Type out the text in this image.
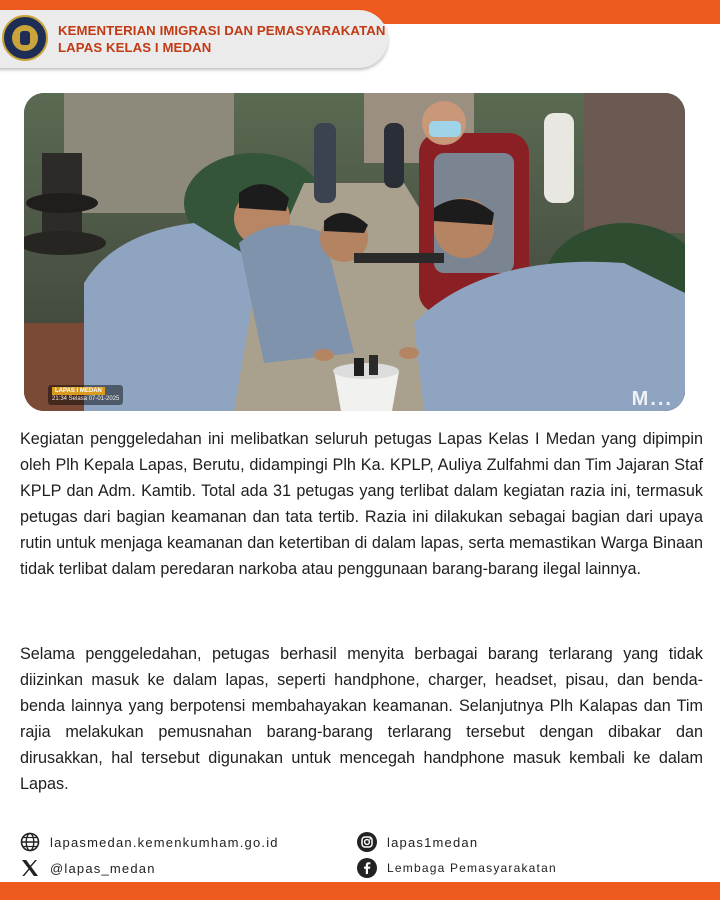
KEMENTERIAN IMIGRASI DAN PEMASYARAKATAN
LAPAS KELAS I MEDAN
LAPAS I MEDAN
21:34 Selasa 07-01-2025	M...

Kegiatan penggeledahan ini melibatkan seluruh petugas Lapas Kelas I Medan yang dipimpin oleh Plh Kepala Lapas, Berutu, didampingi Plh Ka. KPLP, Auliya Zulfahmi dan Tim Jajaran Staf KPLP dan Adm. Kamtib. Total ada 31 petugas yang terlibat dalam kegiatan razia ini, termasuk petugas dari bagian keamanan dan tata tertib. Razia ini dilakukan sebagai bagian dari upaya rutin untuk menjaga keamanan dan ketertiban di dalam lapas, serta memastikan Warga Binaan tidak terlibat dalam peredaran narkoba atau penggunaan barang-barang ilegal lainnya.

Selama penggeledahan, petugas berhasil menyita berbagai barang terlarang yang tidak diizinkan masuk ke dalam lapas, seperti handphone, charger, headset, pisau, dan benda-benda lainnya yang berpotensi membahayakan keamanan. Selanjutnya Plh Kalapas dan Tim rajia melakukan pemusnahan barang-barang terlarang tersebut dengan dibakar dan dirusakkan, hal tersebut digunakan untuk mencegah handphone masuk kembali ke dalam Lapas.

lapasmedan.kemenkumham.go.id	lapas1medan
@lapas_medan	Lembaga Pemasyarakatan
